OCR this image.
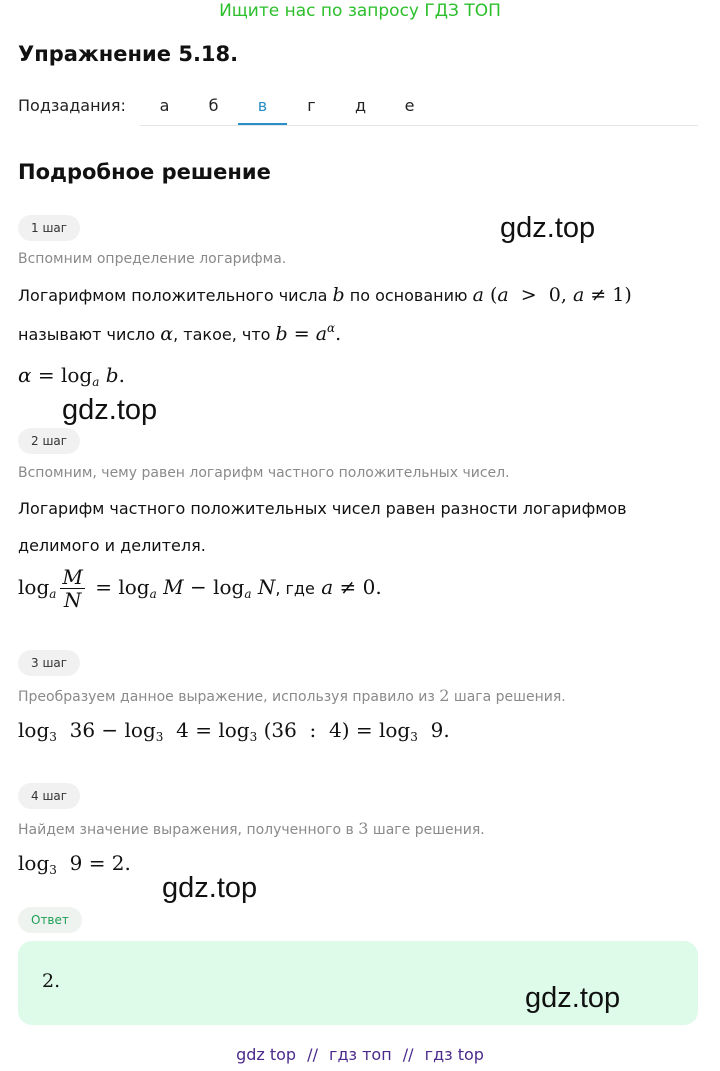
Ищите нас по запросу ГДЗ ТОП
Упражнение 5.18.
Подзадания:	а	б	в	г	д	е
Подробное решение
1 шаг	gdz.top
Вспомним определение логарифма.
Логарифмом положительного числа b по основанию a (a  >  0, a ≠ 1)
называют число α, такое, что $b = a^\alpha$.
$\alpha = \log_a b$.
gdz.top
2 шаг
Вспомним, чему равен логарифм частного положительных чисел.
Логарифм частного положительных чисел равен разности логарифмов
делимого и делителя.
$\log_a \frac{M}{N} = \log_a M - \log_a N$, где a ≠ 0.
3 шаг
Преобразуем данное выражение, используя правило из 2 шага решения.
$\log_3 36 - \log_3 4 = \log_3 (36$  :  $4) = \log_3 9$.
4 шаг
Найдем значение выражения, полученного в 3 шаге решения.
$\log_3 9 = 2$.
gdz.top
Ответ
2.
gdz.top
gdz top // гдз топ // гдз top
